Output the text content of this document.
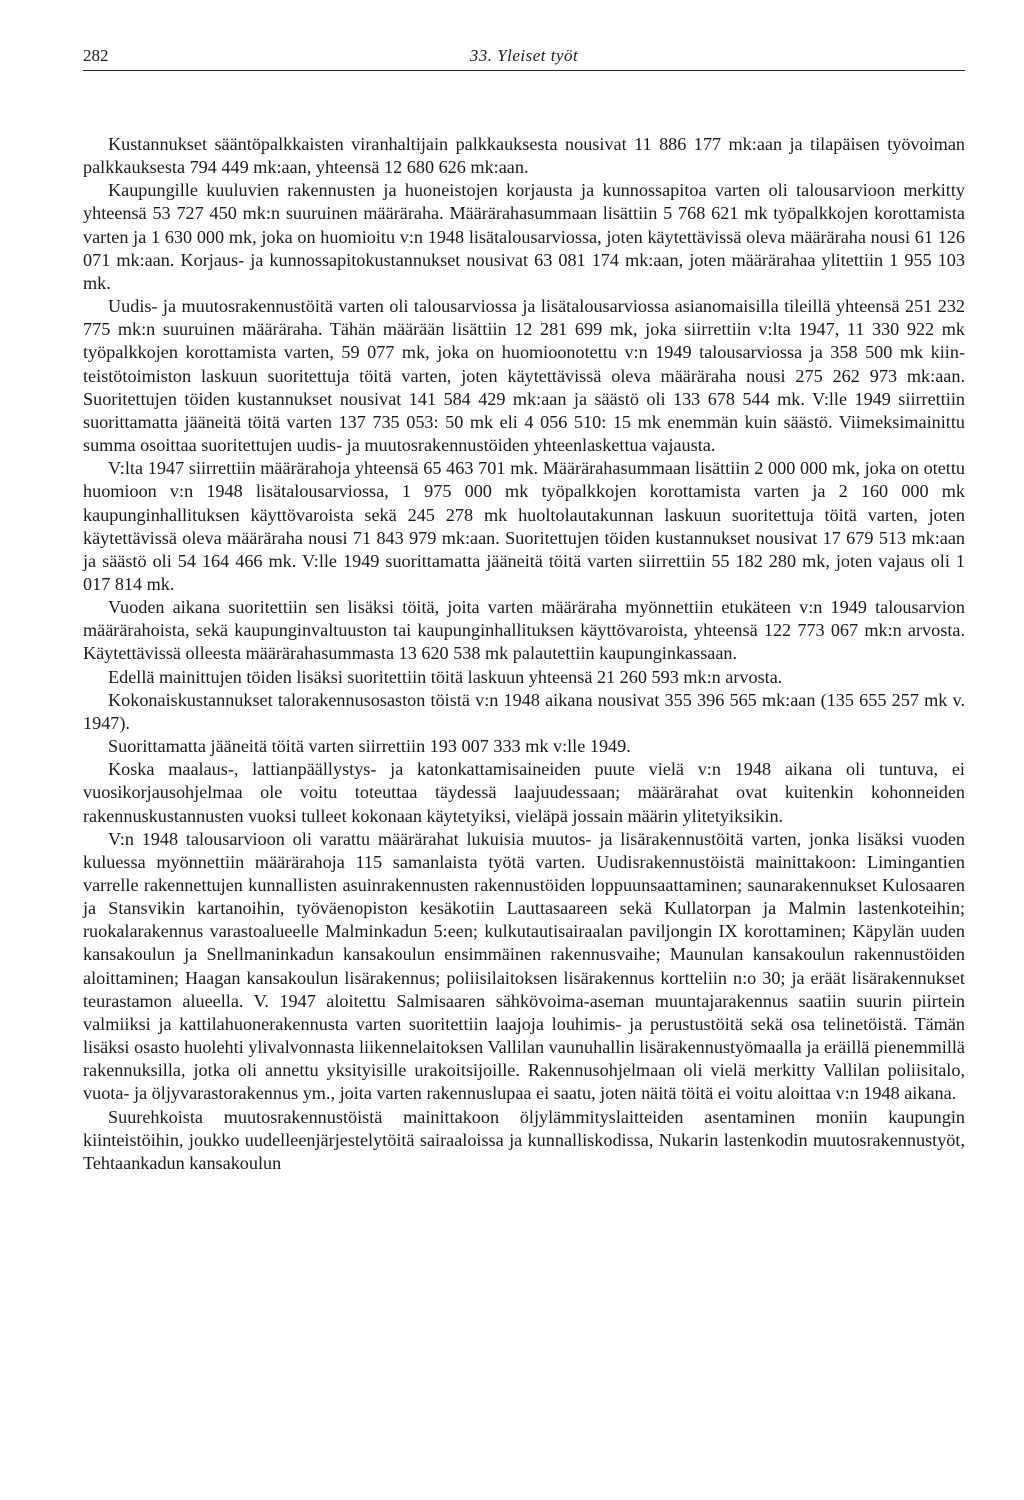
282	33. Yleiset työt

Kustannukset sääntöpalkkaisten viranhaltijain palkkauksesta nousivat 11 886 177 mk:aan ja tilapäisen työvoiman palkkauksesta 794 449 mk:aan, yhteensä 12 680 626 mk:aan.

Kaupungille kuuluvien rakennusten ja huoneistojen korjausta ja kunnossapitoa varten oli talousarvioon merkitty yhteensä 53 727 450 mk:n suuruinen määräraha. Määrärahasummaan lisättiin 5 768 621 mk työpalkkojen korottamista varten ja 1 630 000 mk, joka on huomioitu v:n 1948 lisätalousarviossa, joten käytettävissä oleva määräraha nousi 61 126 071 mk:aan. Korjaus- ja kunnossapitokustannukset nousivat 63 081 174 mk:aan, joten määrärahaa ylitettiin 1 955 103 mk.

Uudis- ja muutosrakennustöitä varten oli talousarviossa ja lisätalousarviossa asianomaisilla tileillä yhteensä 251 232 775 mk:n suuruinen määräraha. Tähän määrään lisättiin 12 281 699 mk, joka siirrettiin v:lta 1947, 11 330 922 mk työpalkkojen korottamista varten, 59 077 mk, joka on huomioonotettu v:n 1949 talousarviossa ja 358 500 mk kiinteistötoimiston laskuun suoritettuja töitä varten, joten käytettävissä oleva määräraha nousi 275 262 973 mk:aan. Suoritettujen töiden kustannukset nousivat 141 584 429 mk:aan ja säästö oli 133 678 544 mk. V:lle 1949 siirrettiin suorittamatta jääneitä töitä varten 137 735 053: 50 mk eli 4 056 510: 15 mk enemmän kuin säästö. Viimeksimainittu summa osoittaa suoritettujen uudis- ja muutosrakennustöiden yhteenlaskettua vajausta.

V:lta 1947 siirrettiin määrärahoja yhteensä 65 463 701 mk. Määrärahasummaan lisättiin 2 000 000 mk, joka on otettu huomioon v:n 1948 lisätalousarviossa, 1 975 000 mk työpalkkojen korottamista varten ja 2 160 000 mk kaupunginhallituksen käyttövaroista sekä 245 278 mk huoltolautakunnan laskuun suoritettuja töitä varten, joten käytettävissä oleva määräraha nousi 71 843 979 mk:aan. Suoritettujen töiden kustannukset nousivat 17 679 513 mk:aan ja säästö oli 54 164 466 mk. V:lle 1949 suorittamatta jääneitä töitä varten siirrettiin 55 182 280 mk, joten vajaus oli 1 017 814 mk.

Vuoden aikana suoritettiin sen lisäksi töitä, joita varten määräraha myönnettiin etukäteen v:n 1949 talousarvion määrärahoista, sekä kaupunginvaltuuston tai kaupunginhallituksen käyttövaroista, yhteensä 122 773 067 mk:n arvosta. Käytettävissä olleesta määrärahasummasta 13 620 538 mk palautettiin kaupunginkassaan.

Edellä mainittujen töiden lisäksi suoritettiin töitä laskuun yhteensä 21 260 593 mk:n arvosta.

Kokonaiskustannukset talorakennusosaston töistä v:n 1948 aikana nousivat 355 396 565 mk:aan (135 655 257 mk v. 1947).

Suorittamatta jääneitä töitä varten siirrettiin 193 007 333 mk v:lle 1949.

Koska maalaus-, lattianpäällystys- ja katonkattamisaineiden puute vielä v:n 1948 aikana oli tuntuva, ei vuosikorjausohjelmaa ole voitu toteuttaa täydessä laajuudessaan; määrärahat ovat kuitenkin kohonneiden rakennuskustannusten vuoksi tulleet kokonaan käytetyiksi, vieläpä jossain määrin ylitetyiksikin.

V:n 1948 talousarvioon oli varattu määrärahat lukuisia muutos- ja lisärakennustöitä varten, jonka lisäksi vuoden kuluessa myönnettiin määrärahoja 115 samanlaista työtä varten. Uudisrakennustöistä mainittakoon: Limingantien varrelle rakennettujen kunnallisten asuinrakennusten rakennustöiden loppuunsaattaminen; saunarakennukset Kulosaaren ja Stansvikin kartanoihin, työväenopiston kesäkotiin Lauttasaareen sekä Kullatorpan ja Malmin lastenkoteihin; ruokalarakennus varastoalueelle Malminkadun 5:een; kulkutautisairaalan paviljongin IX korottaminen; Käpylän uuden kansakoulun ja Snellmaninkadun kansakoulun ensimmäinen rakennusvaihe; Maunulan kansakoulun rakennustöiden aloittaminen; Haagan kansakoulun lisärakennus; poliisilaitoksen lisärakennus kortteliin n:o 30; ja eräät lisärakennukset teurastamon alueella. V. 1947 aloitettu Salmisaaren sähkövoima-aseman muuntajarakennus saatiin suurin piirtein valmiiksi ja kattilahuonerakennusta varten suoritettiin laajoja louhimis- ja perustustöitä sekä osa telinetöistä. Tämän lisäksi osasto huolehti ylivalvonnasta liikennelaitoksen Vallilan vaunuhallin lisärakennustyömaalla ja eräillä pienemmillä rakennuksilla, jotka oli annettu yksityisille urakoitsijoille. Rakennusohjelmaan oli vielä merkitty Vallilan poliisitalo, vuota- ja öljyvarastorakennus ym., joita varten rakennuslupaa ei saatu, joten näitä töitä ei voitu aloittaa v:n 1948 aikana.

Suurehkoista muutosrakennustöistä mainittakoon öljylämmityslaitteiden asentaminen moniin kaupungin kiinteistöihin, joukko uudelleenjärjestelytöitä sairaaloissa ja kunnalliskodissa, Nukarin lastenkodin muutosrakennustyöt, Tehtaankadun kansakoulun
